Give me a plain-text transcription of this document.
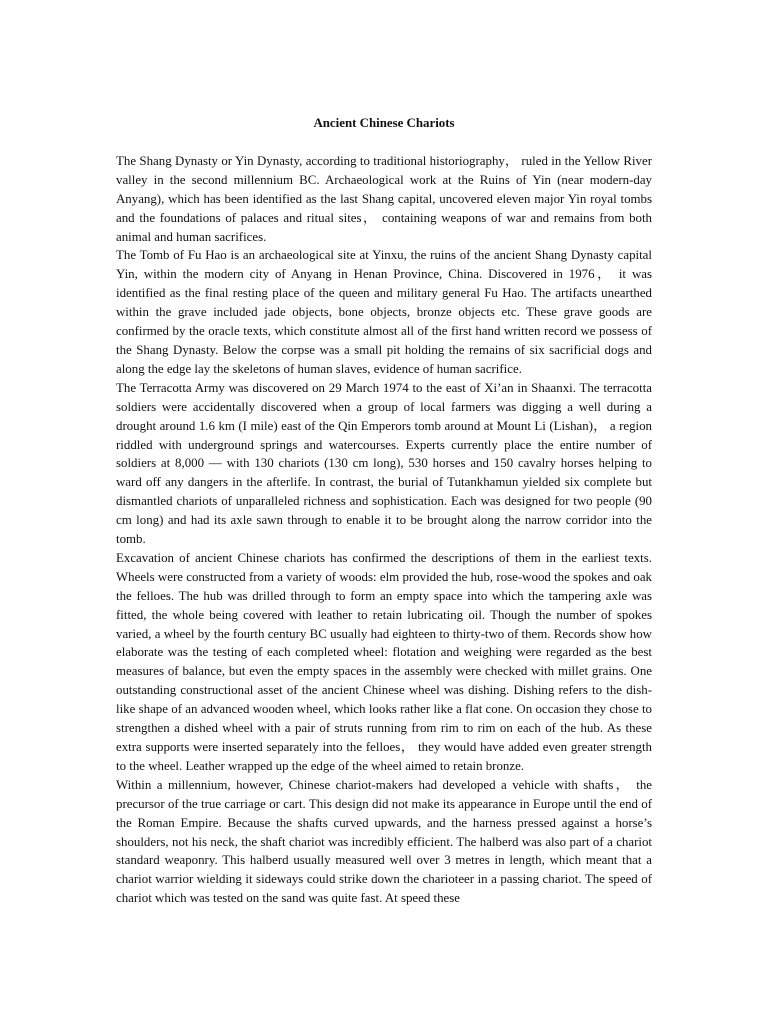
Ancient Chinese Chariots

The Shang Dynasty or Yin Dynasty, according to traditional historiography， ruled in the Yellow River valley in the second millennium BC. Archaeological work at the Ruins of Yin (near modern-day Anyang), which has been identified as the last Shang capital, uncovered eleven major Yin royal tombs and the foundations of palaces and ritual sites， containing weapons of war and remains from both animal and human sacrifices.

The Tomb of Fu Hao is an archaeological site at Yinxu, the ruins of the ancient Shang Dynasty capital Yin, within the modern city of Anyang in Henan Province, China. Discovered in 1976， it was identified as the final resting place of the queen and military general Fu Hao. The artifacts unearthed within the grave included jade objects, bone objects, bronze objects etc. These grave goods are confirmed by the oracle texts, which constitute almost all of the first hand written record we possess of the Shang Dynasty. Below the corpse was a small pit holding the remains of six sacrificial dogs and along the edge lay the skeletons of human slaves, evidence of human sacrifice.

The Terracotta Army was discovered on 29 March 1974 to the east of Xi’an in Shaanxi. The terracotta soldiers were accidentally discovered when a group of local farmers was digging a well during a drought around 1.6 km (I mile) east of the Qin Emperors tomb around at Mount Li (Lishan)， a region riddled with underground springs and watercourses. Experts currently place the entire number of soldiers at 8,000 — with 130 chariots (130 cm long), 530 horses and 150 cavalry horses helping to ward off any dangers in the afterlife. In contrast, the burial of Tutankhamun yielded six complete but dismantled chariots of unparalleled richness and sophistication. Each was designed for two people (90 cm long) and had its axle sawn through to enable it to be brought along the narrow corridor into the tomb.

Excavation of ancient Chinese chariots has confirmed the descriptions of them in the earliest texts. Wheels were constructed from a variety of woods: elm provided the hub, rose-wood the spokes and oak the felloes. The hub was drilled through to form an empty space into which the tampering axle was fitted, the whole being covered with leather to retain lubricating oil. Though the number of spokes varied, a wheel by the fourth century BC usually had eighteen to thirty-two of them. Records show how elaborate was the testing of each completed wheel: flotation and weighing were regarded as the best measures of balance, but even the empty spaces in the assembly were checked with millet grains. One outstanding constructional asset of the ancient Chinese wheel was dishing. Dishing refers to the dish-like shape of an advanced wooden wheel, which looks rather like a flat cone. On occasion they chose to strengthen a dished wheel with a pair of struts running from rim to rim on each of the hub. As these extra supports were inserted separately into the felloes， they would have added even greater strength to the wheel. Leather wrapped up the edge of the wheel aimed to retain bronze.

Within a millennium, however, Chinese chariot-makers had developed a vehicle with shafts， the precursor of the true carriage or cart. This design did not make its appearance in Europe until the end of the Roman Empire. Because the shafts curved upwards, and the harness pressed against a horse’s shoulders, not his neck, the shaft chariot was incredibly efficient. The halberd was also part of a chariot standard weaponry. This halberd usually measured well over 3 metres in length, which meant that a chariot warrior wielding it sideways could strike down the charioteer in a passing chariot. The speed of chariot which was tested on the sand was quite fast. At speed these
